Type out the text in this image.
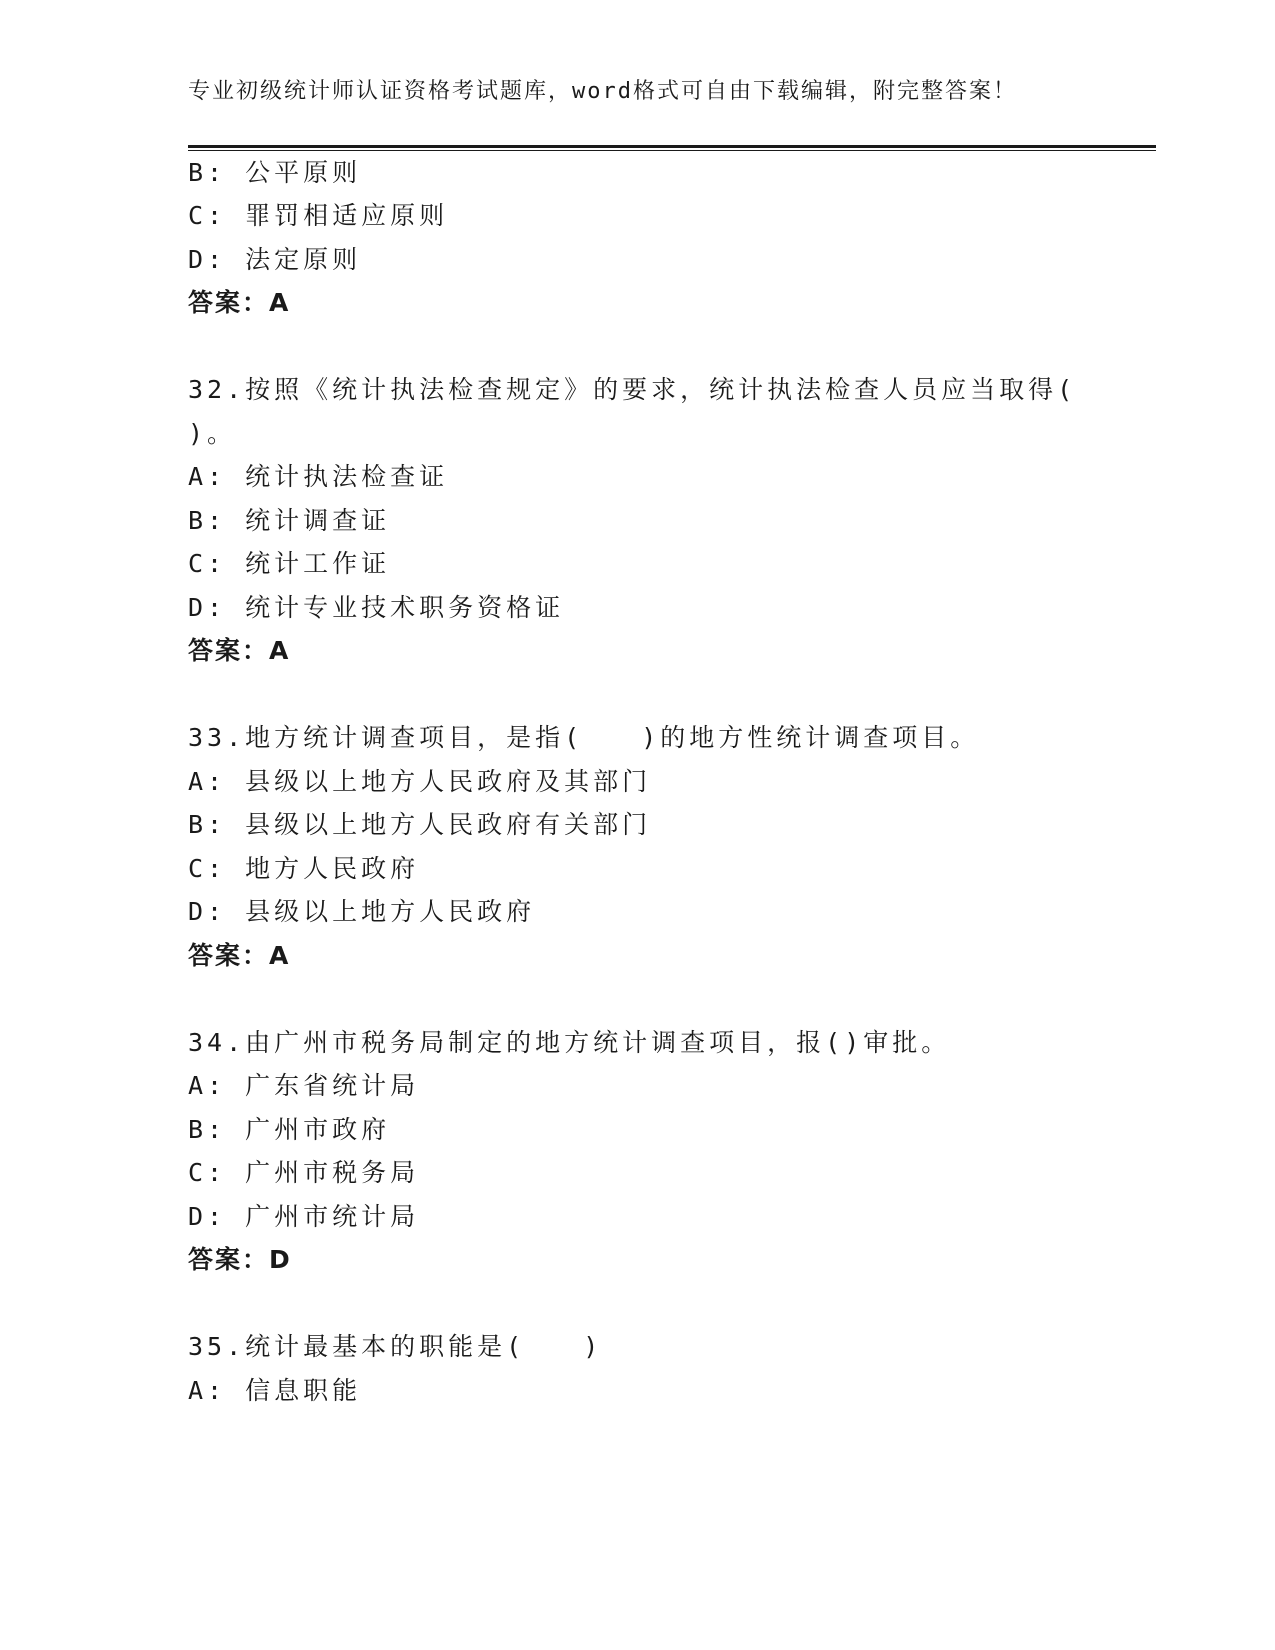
专业初级统计师认证资格考试题库，word格式可自由下载编辑，附完整答案！
B: 公平原则
C: 罪罚相适应原则
D: 法定原则
答案：A
32.按照《统计执法检查规定》的要求，统计执法检查人员应当取得(
)。
A: 统计执法检查证
B: 统计调查证
C: 统计工作证
D: 统计专业技术职务资格证
答案：A
33.地方统计调查项目，是指(　　)的地方性统计调查项目。
A: 县级以上地方人民政府及其部门
B: 县级以上地方人民政府有关部门
C: 地方人民政府
D: 县级以上地方人民政府
答案：A
34.由广州市税务局制定的地方统计调查项目，报()审批。
A: 广东省统计局
B: 广州市政府
C: 广州市税务局
D: 广州市统计局
答案：D
35.统计最基本的职能是(　　)
A: 信息职能
